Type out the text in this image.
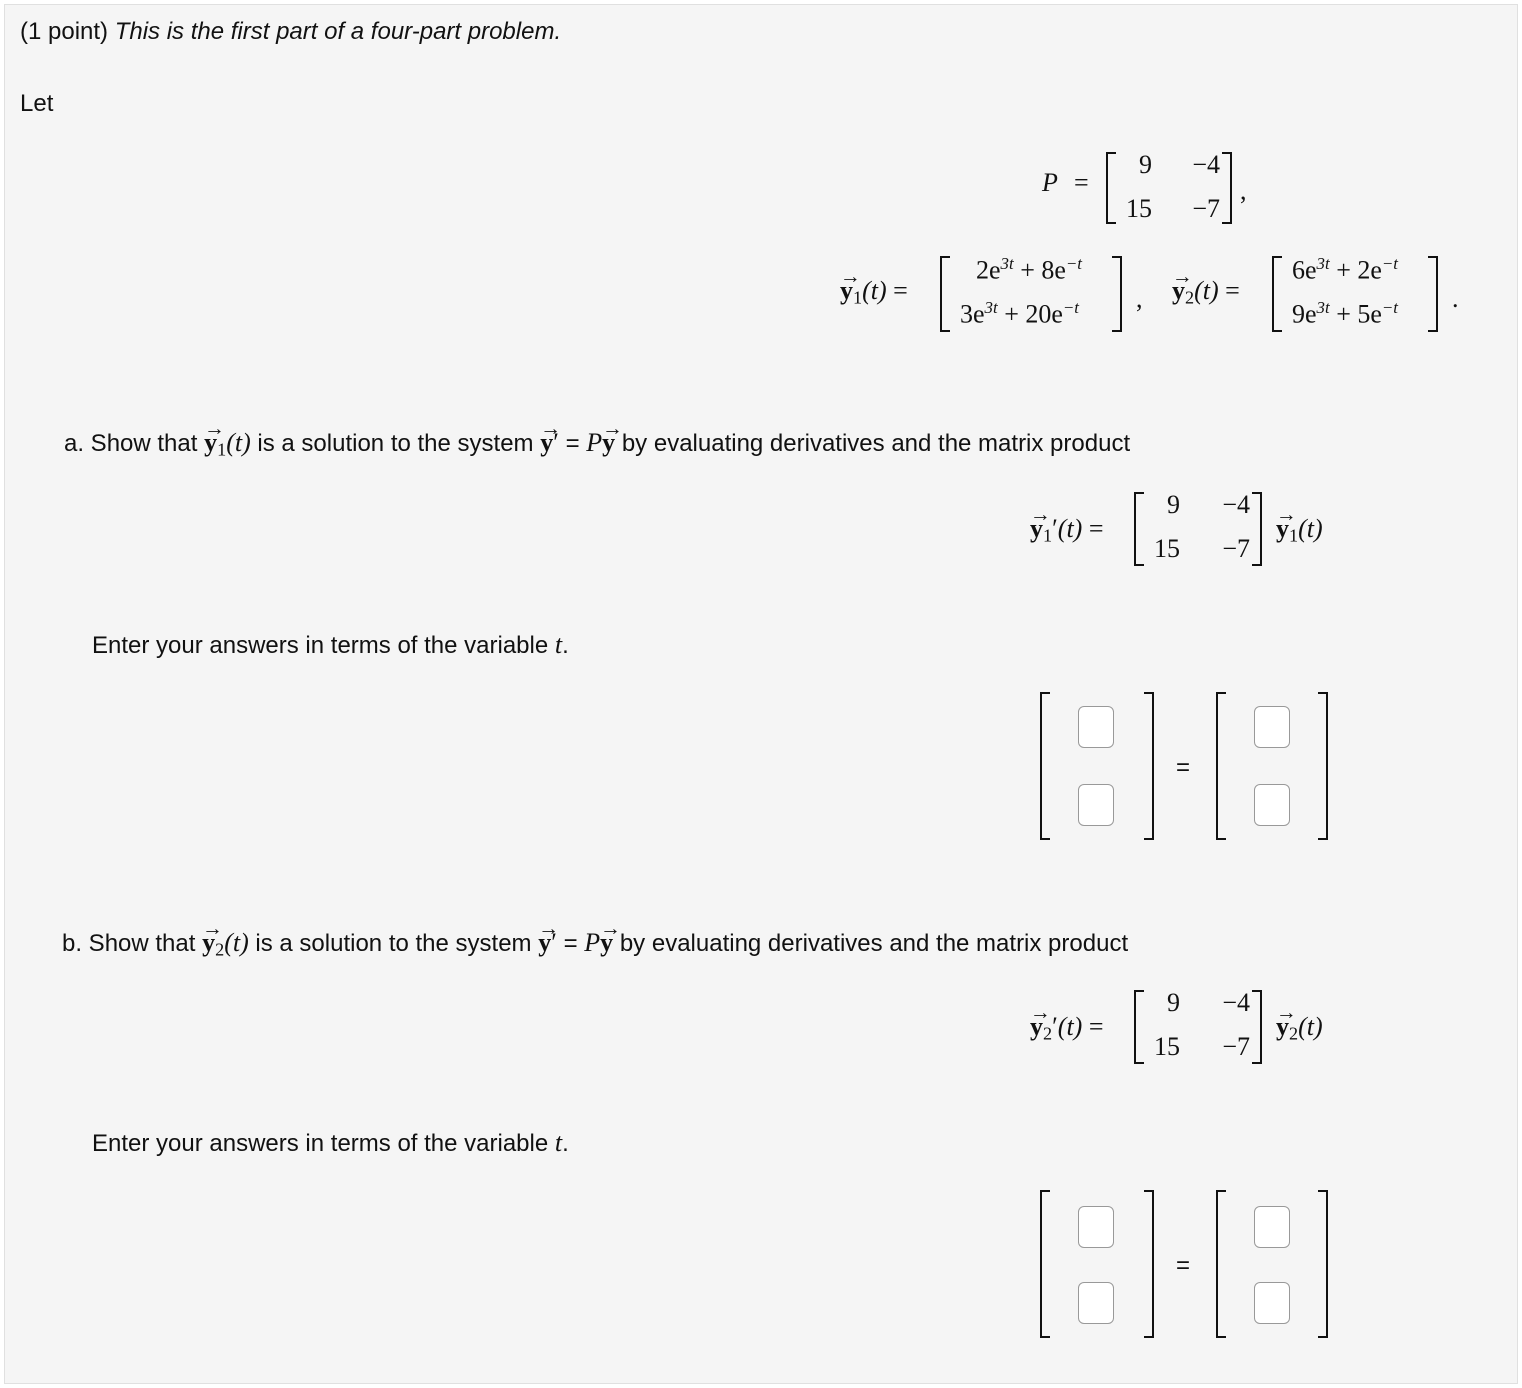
(1 point) This is the first part of a four-part problem.
Let
P =
9	−4
15	−7
,
→ $y_1(t)$ =
$2e^{3t} + 8e^{-t}$
$3e^{3t} + 20e^{-t}$ , → $y_2(t)$ =
$6e^{3t} + 2e^{-t}$
$9e^{3t} + 5e^{-t}$ .
a. Show that → $y_1(t)$ is a solution to the system → y′ = P→ y by evaluating derivatives and the matrix product
→ $y_1'(t)$ =
9	−4
15	−7
→ $y_1(t)$
Enter your answers in terms of the variable t.
=
b. Show that → $y_2(t)$ is a solution to the system → y′ = P→ y by evaluating derivatives and the matrix product
→ $y_2'(t)$ =
9	−4
15	−7
→ $y_2(t)$
Enter your answers in terms of the variable t.
=
